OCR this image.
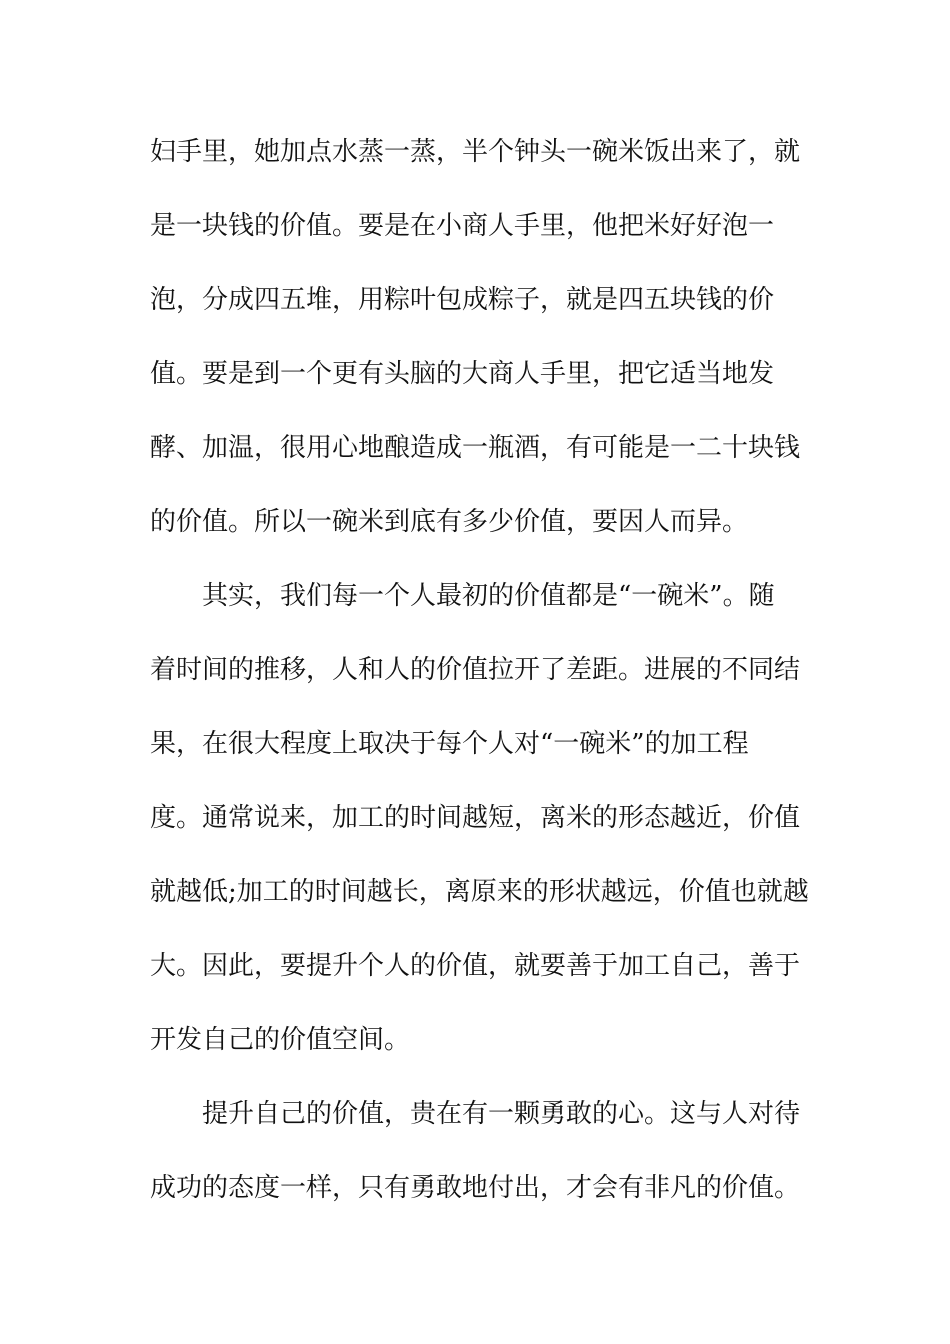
妇手里，她加点水蒸一蒸，半个钟头一碗米饭出来了，就
是一块钱的价值。要是在小商人手里，他把米好好泡一
泡，分成四五堆，用粽叶包成粽子，就是四五块钱的价
值。要是到一个更有头脑的大商人手里，把它适当地发
酵、加温，很用心地酿造成一瓶酒，有可能是一二十块钱
的价值。所以一碗米到底有多少价值，要因人而异。
其实，我们每一个人最初的价值都是“一碗米”。随
着时间的推移，人和人的价值拉开了差距。进展的不同结
果，在很大程度上取决于每个人对“一碗米”的加工程
度。通常说来，加工的时间越短，离米的形态越近，价值
就越低;加工的时间越长，离原来的形状越远，价值也就越
大。因此，要提升个人的价值，就要善于加工自己，善于
开发自己的价值空间。
提升自己的价值，贵在有一颗勇敢的心。这与人对待
成功的态度一样，只有勇敢地付出，才会有非凡的价值。
